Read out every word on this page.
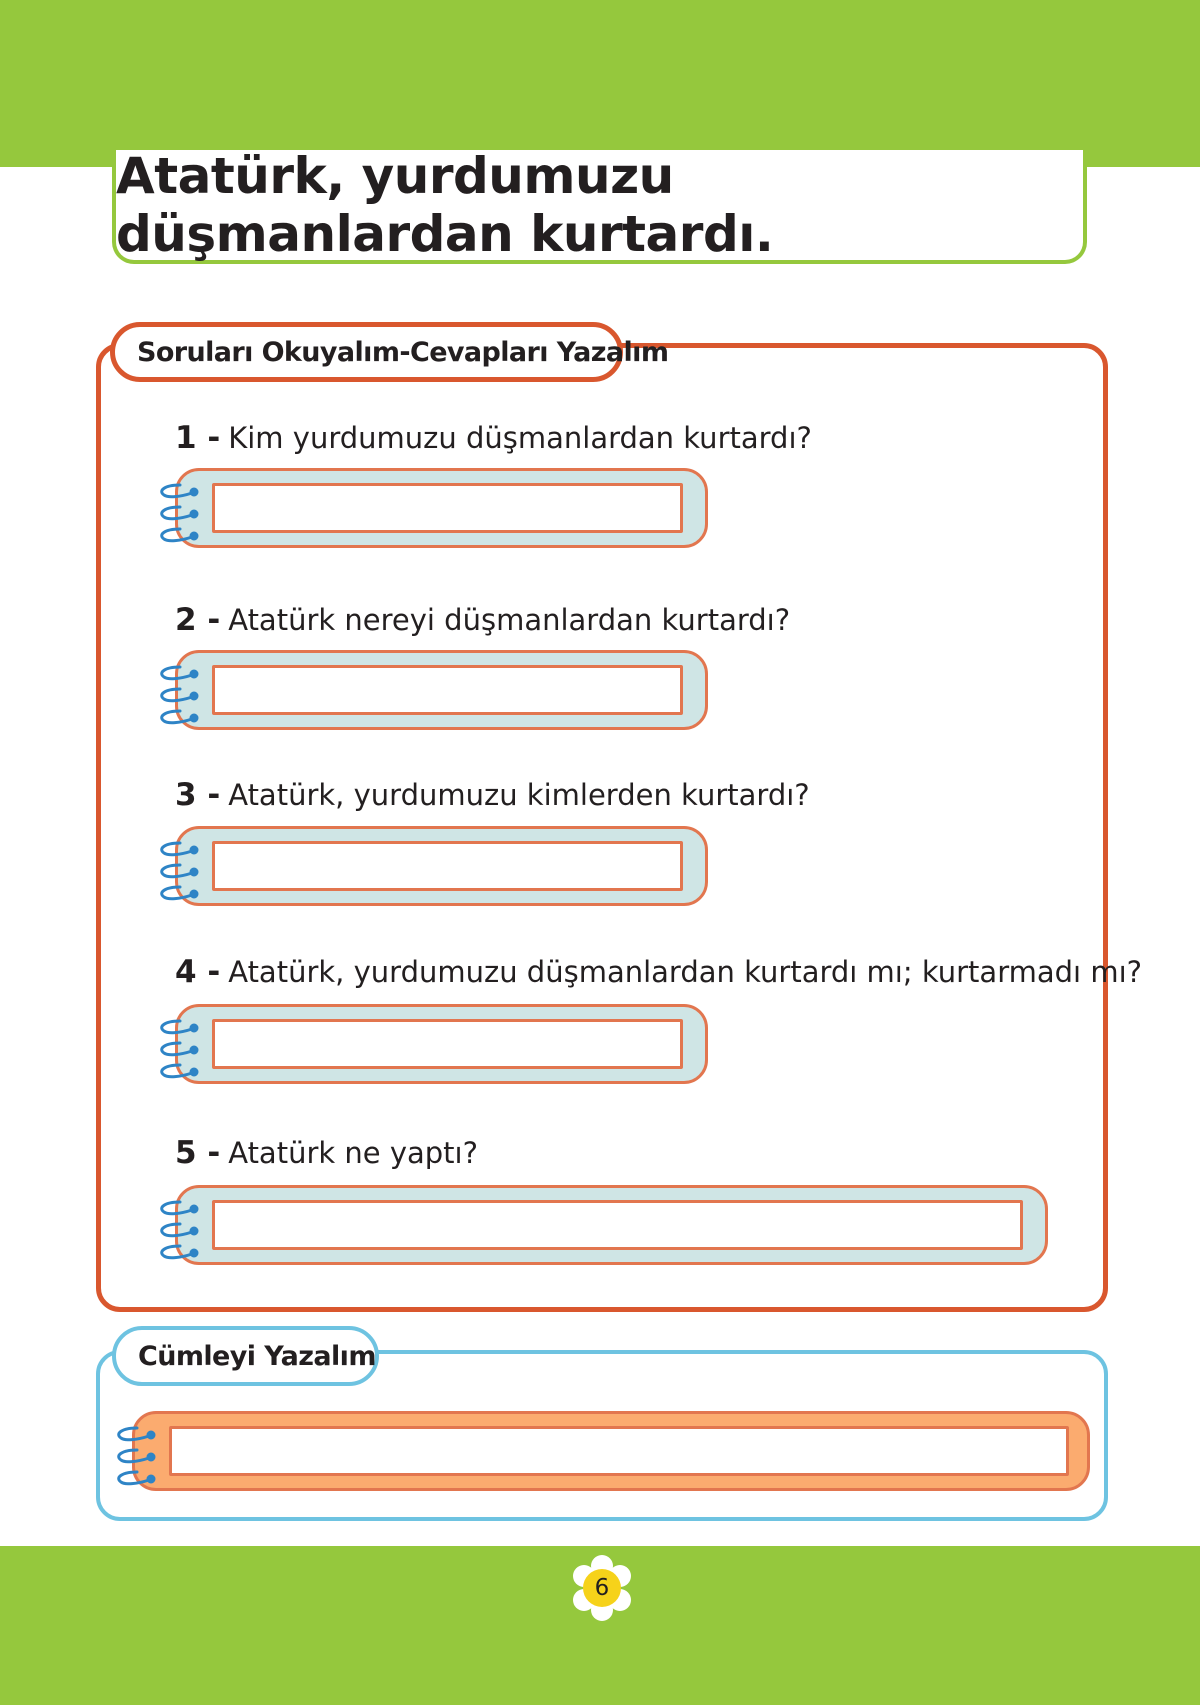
Atatürk, yurdumuzu düşmanlardan kurtardı.
Soruları Okuyalım-Cevapları Yazalım
1 - Kim yurdumuzu düşmanlardan kurtardı?
2 - Atatürk nereyi düşmanlardan kurtardı?
3 - Atatürk, yurdumuzu kimlerden kurtardı?
4 - Atatürk, yurdumuzu düşmanlardan kurtardı mı; kurtarmadı mı?
5 - Atatürk ne yaptı?
Cümleyi Yazalım
6
